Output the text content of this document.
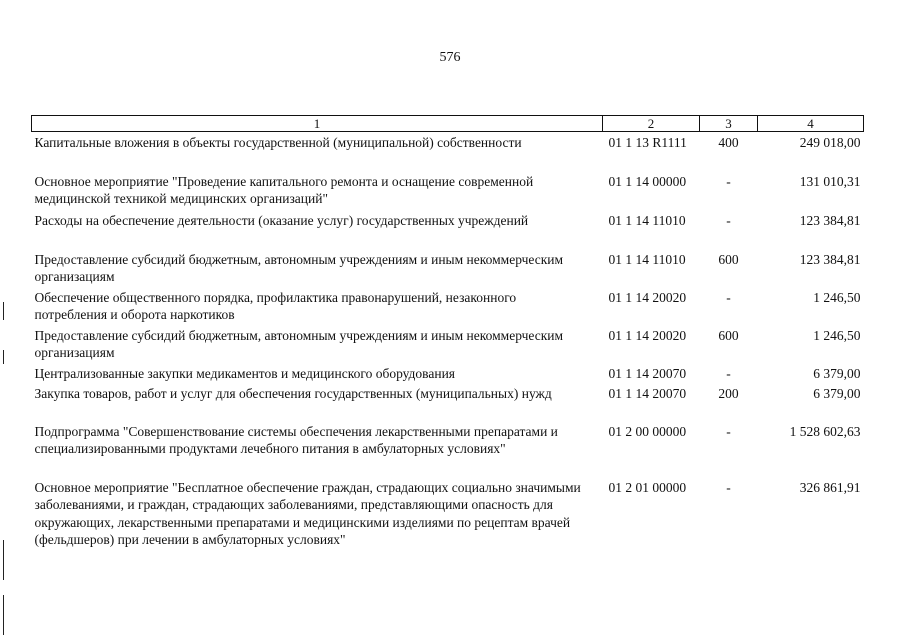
576
1	2	3	4
Капитальные вложения в объекты государственной (муниципальной) собственности	01 1 13 R1111	400	249 018,00
Основное мероприятие "Проведение капитального ремонта и оснащение современной медицинской техникой медицинских организаций"	01 1 14 00000	-	131 010,31
Расходы на обеспечение деятельности (оказание услуг) государственных учреждений	01 1 14 11010	-	123 384,81
Предоставление субсидий бюджетным, автономным учреждениям и иным некоммерческим организациям	01 1 14 11010	600	123 384,81
Обеспечение общественного порядка, профилактика правонарушений, незаконного потребления и оборота наркотиков	01 1 14 20020	-	1 246,50
Предоставление субсидий бюджетным, автономным учреждениям и иным некоммерческим организациям	01 1 14 20020	600	1 246,50
Централизованные закупки медикаментов и медицинского оборудования	01 1 14 20070	-	6 379,00
Закупка товаров, работ и услуг для обеспечения государственных (муниципальных) нужд	01 1 14 20070	200	6 379,00
Подпрограмма "Совершенствование системы обеспечения лекарственными препаратами и специализированными продуктами лечебного питания в амбулаторных условиях"	01 2 00 00000	-	1 528 602,63
Основное мероприятие "Бесплатное обеспечение граждан, страдающих социально значимыми заболеваниями, и граждан, страдающих заболеваниями, представляющими опасность для окружающих, лекарственными препаратами и медицинскими изделиями по рецептам врачей (фельдшеров) при лечении в амбулаторных условиях"	01 2 01 00000	-	326 861,91
